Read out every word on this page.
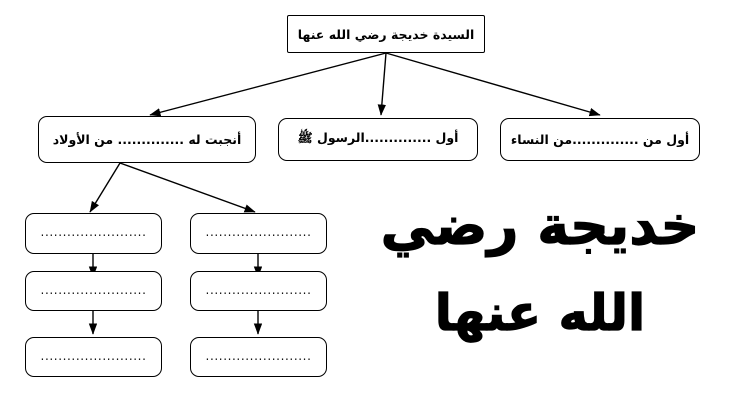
السيدة خديجة رضي الله عنها
أنجبت له .............. من الأولاد	أول ..............الرسول ﷺ	أول من ..............من النساء
........................
........................
........................
........................
........................
........................
خديجة رضي
الله عنها
